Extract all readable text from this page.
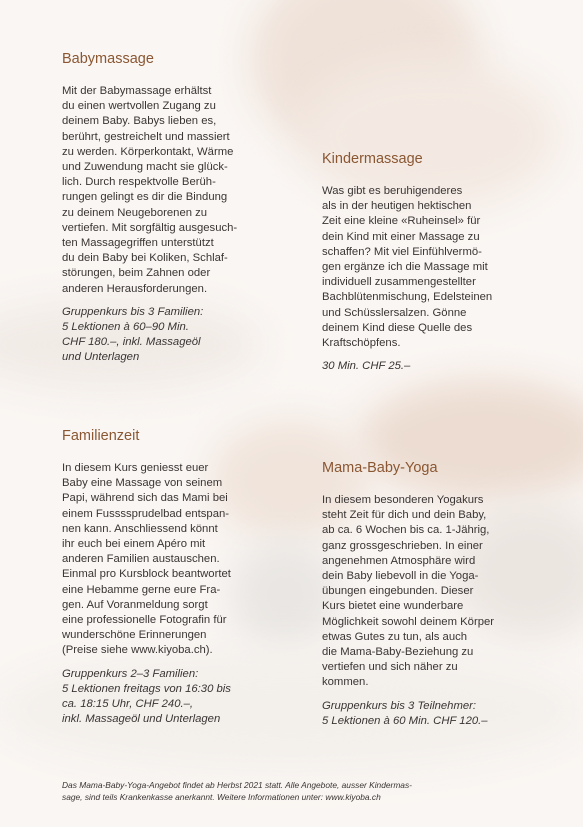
Babymassage

Mit der Babymassage erhältst
du einen wertvollen Zugang zu
deinem Baby. Babys lieben es,
berührt, gestreichelt und massiert
zu werden. Körperkontakt, Wärme
und Zuwendung macht sie glück-
lich. Durch respektvolle Berüh-
rungen gelingt es dir die Bindung
zu deinem Neugeborenen zu
vertiefen. Mit sorgfältig ausgesuch-
ten Massagegriffen unterstützt
du dein Baby bei Koliken, Schlaf-
störungen, beim Zahnen oder
anderen Herausforderungen.

Gruppenkurs bis 3 Familien:
5 Lektionen à 60–90 Min.
CHF 180.–, inkl. Massageöl
und Unterlagen

Kindermassage

Was gibt es beruhigenderes
als in der heutigen hektischen
Zeit eine kleine «Ruheinsel» für
dein Kind mit einer Massage zu
schaffen? Mit viel Einfühlvermö-
gen ergänze ich die Massage mit
individuell zusammengestellter
Bachblütenmischung, Edelsteinen
und Schüsslersalzen. Gönne
deinem Kind diese Quelle des
Kraftschöpfens.

30 Min. CHF 25.–

Familienzeit

In diesem Kurs geniesst euer
Baby eine Massage von seinem
Papi, während sich das Mami bei
einem Fussssprudelbad entspan-
nen kann. Anschliessend könnt
ihr euch bei einem Apéro mit
anderen Familien austauschen.
Einmal pro Kursblock beantwortet
eine Hebamme gerne eure Fra-
gen. Auf Voranmeldung sorgt
eine professionelle Fotografin für
wunderschöne Erinnerungen
(Preise siehe www.kiyoba.ch).

Gruppenkurs 2–3 Familien:
5 Lektionen freitags von 16:30 bis
ca. 18:15 Uhr, CHF 240.–,
inkl. Massageöl und Unterlagen

Mama-Baby-Yoga

In diesem besonderen Yogakurs
steht Zeit für dich und dein Baby,
ab ca. 6 Wochen bis ca. 1-Jährig,
ganz grossgeschrieben. In einer
angenehmen Atmosphäre wird
dein Baby liebevoll in die Yoga-
übungen eingebunden. Dieser
Kurs bietet eine wunderbare
Möglichkeit sowohl deinem Körper
etwas Gutes zu tun, als auch
die Mama-Baby-Beziehung zu
vertiefen und sich näher zu
kommen.

Gruppenkurs bis 3 Teilnehmer:
5 Lektionen à 60 Min. CHF 120.–

Das Mama-Baby-Yoga-Angebot findet ab Herbst 2021 statt. Alle Angebote, ausser Kindermas-
sage, sind teils Krankenkasse anerkannt. Weitere Informationen unter: www.kiyoba.ch
